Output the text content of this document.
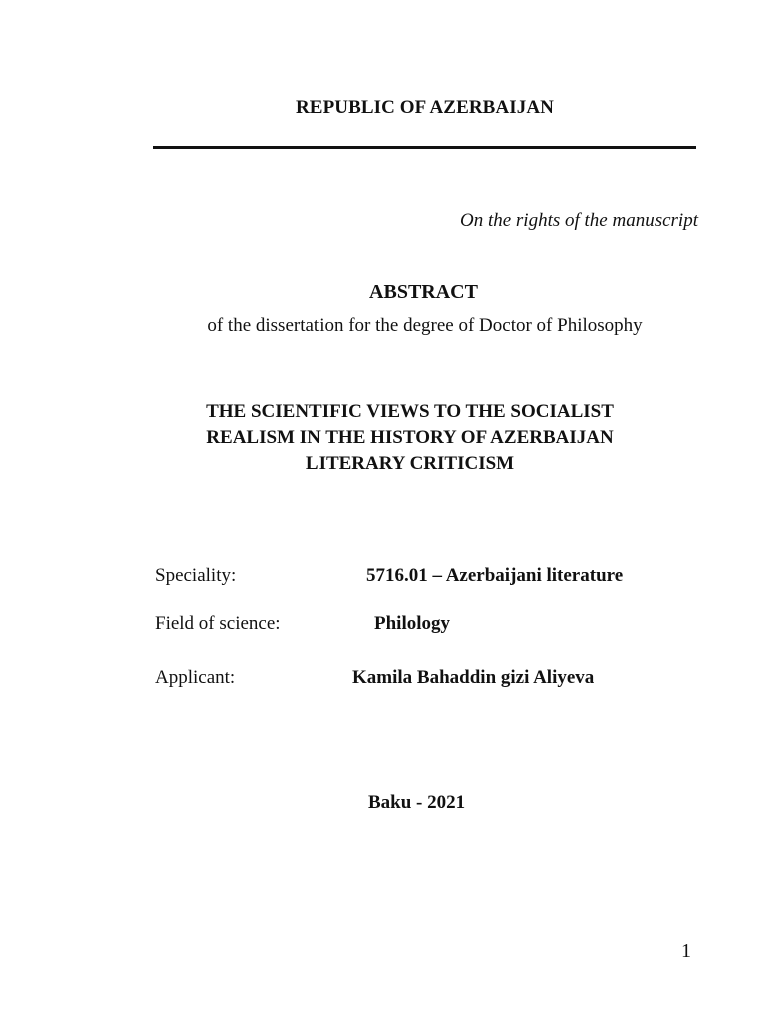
REPUBLIC OF AZERBAIJAN
On the rights of the manuscript
ABSTRACT
of the dissertation for the degree of Doctor of Philosophy
THE SCIENTIFIC VIEWS TO THE SOCIALIST
REALISM IN THE HISTORY OF AZERBAIJAN
LITERARY CRITICISM
Speciality:	5716.01 – Azerbaijani literature
Field of science:	Philology
Applicant:	Kamila Bahaddin gizi Aliyeva
Baku - 2021
1
